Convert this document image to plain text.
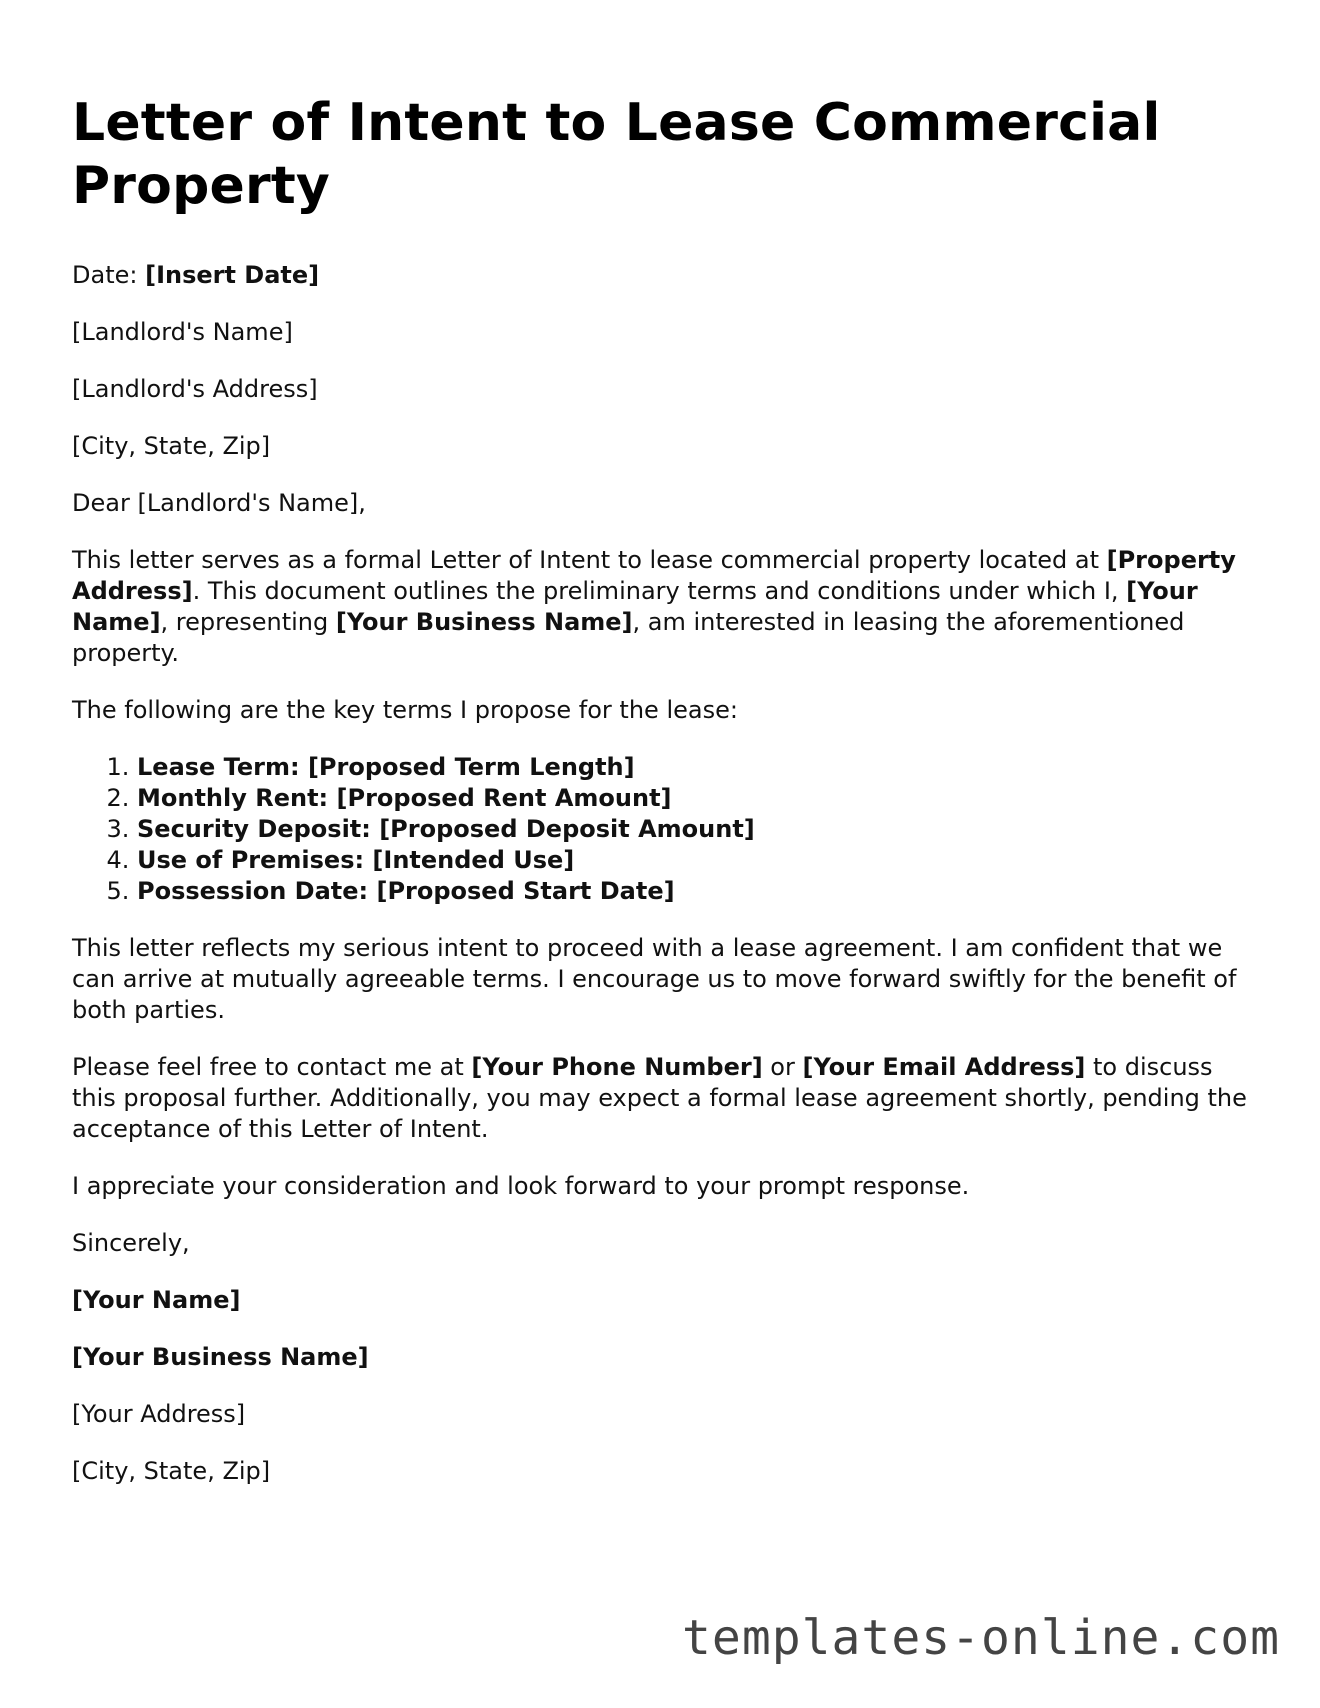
Letter of Intent to Lease Commercial Property

Date: [Insert Date]

[Landlord's Name]

[Landlord's Address]

[City, State, Zip]

Dear [Landlord's Name],

This letter serves as a formal Letter of Intent to lease commercial property located at [Property Address]. This document outlines the preliminary terms and conditions under which I, [Your Name], representing [Your Business Name], am interested in leasing the aforementioned property.

The following are the key terms I propose for the lease:

1. Lease Term: [Proposed Term Length]
2. Monthly Rent: [Proposed Rent Amount]
3. Security Deposit: [Proposed Deposit Amount]
4. Use of Premises: [Intended Use]
5. Possession Date: [Proposed Start Date]

This letter reflects my serious intent to proceed with a lease agreement. I am confident that we can arrive at mutually agreeable terms. I encourage us to move forward swiftly for the benefit of both parties.

Please feel free to contact me at [Your Phone Number] or [Your Email Address] to discuss this proposal further. Additionally, you may expect a formal lease agreement shortly, pending the acceptance of this Letter of Intent.

I appreciate your consideration and look forward to your prompt response.

Sincerely,

[Your Name]

[Your Business Name]

[Your Address]

[City, State, Zip]

templates-online.com
